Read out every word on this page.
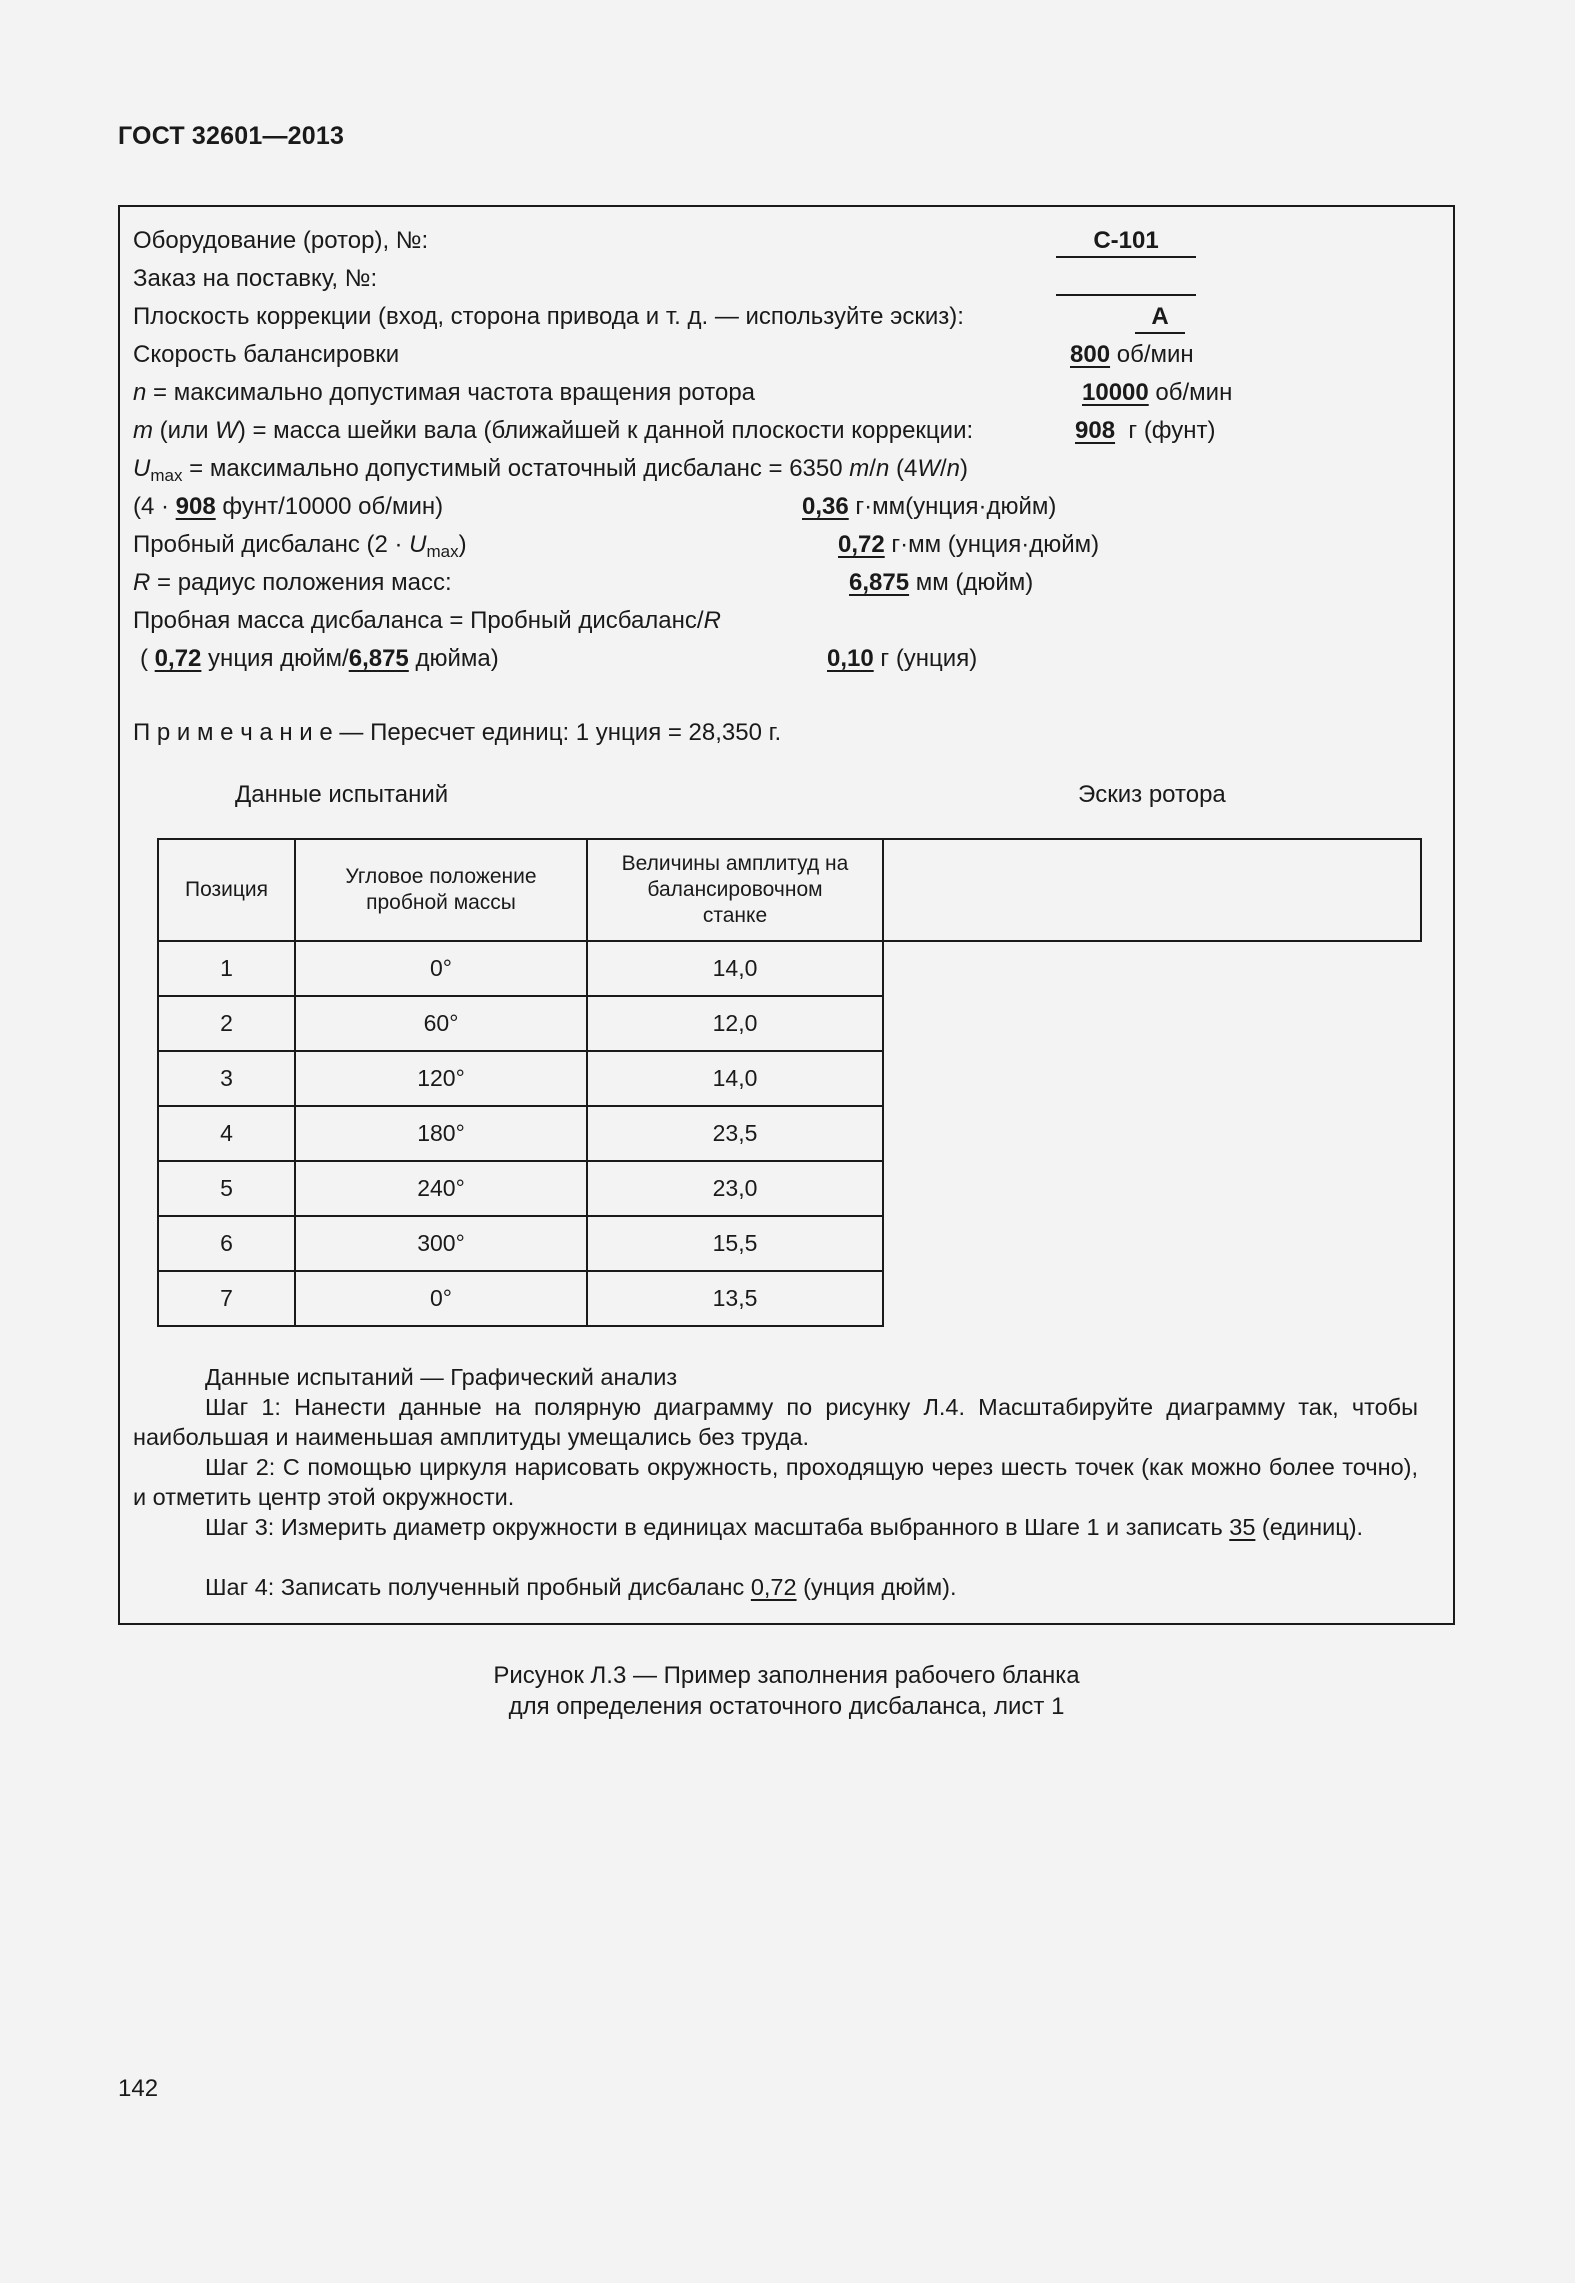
ГОСТ 32601—2013
Оборудование (ротор), №:	С-101
Заказ на поставку, №:
Плоскость коррекции (вход, сторона привода и т. д. — используйте эскиз):	А
Скорость балансировки	800 об/мин
n = максимально допустимая частота вращения ротора	10000 об/мин
m (или W) = масса шейки вала (ближайшей к данной плоскости коррекции:	908 г (фунт)
$U_{max}$ = максимально допустимый остаточный дисбаланс = 6350 m/n (4W/n)
(4 · 908 фунт/10000 об/мин)	0,36 г·мм(унция·дюйм)
Пробный дисбаланс $(2 \cdot U_{max})$	0,72 г·мм (унция·дюйм)
R = радиус положения масс:	6,875 мм (дюйм)
Пробная масса дисбаланса = Пробный дисбаланс/R
( 0,72 унция дюйм/6,875 дюйма)	0,10 г (унция)
П р и м е ч а н и е — Пересчет единиц: 1 унция = 28,350 г.
Данные испытаний	Эскиз ротора
Позиция	Угловое положение пробной массы	Величины амплитуд на балансировочном станке	
1	0°	14,0	
2	60°	12,0	
3	120°	14,0	
4	180°	23,5	
5	240°	23,0	
6	300°	15,5	
7	0°	13,5	
Данные испытаний — Графический анализ
Шаг 1: Нанести данные на полярную диаграмму по рисунку Л.4. Масштабируйте диаграмму так, чтобы наибольшая и наименьшая амплитуды умещались без труда.
Шаг 2: С помощью циркуля нарисовать окружность, проходящую через шесть точек (как можно более точно), и отметить центр этой окружности.
Шаг 3: Измерить диаметр окружности в единицах масштаба выбранного в Шаге 1 и записать 35 (единиц).
Шаг 4: Записать полученный пробный дисбаланс 0,72 (унция дюйм).
Рисунок Л.3 — Пример заполнения рабочего бланка
для определения остаточного дисбаланса, лист 1
142
